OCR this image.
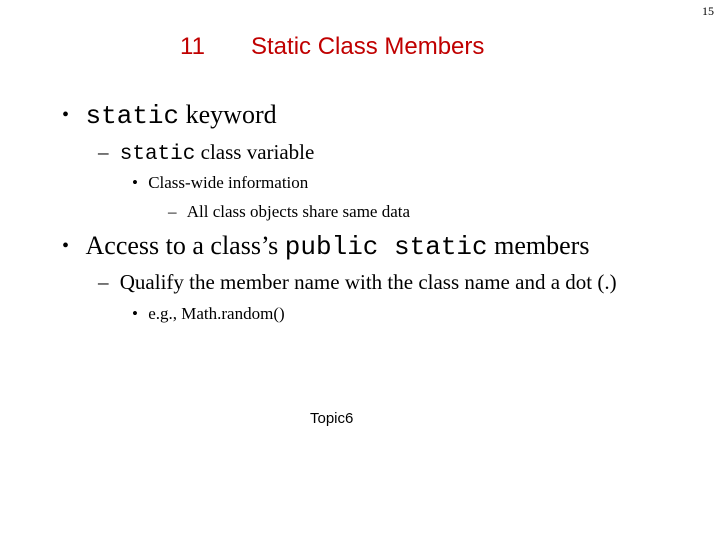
15
11 Static Class Members
• static keyword
– static class variable
• Class-wide information
– All class objects share same data
• Access to a class’s public static members
– Qualify the member name with the class name and a dot (.)
• e.g., Math.random()
Topic6
